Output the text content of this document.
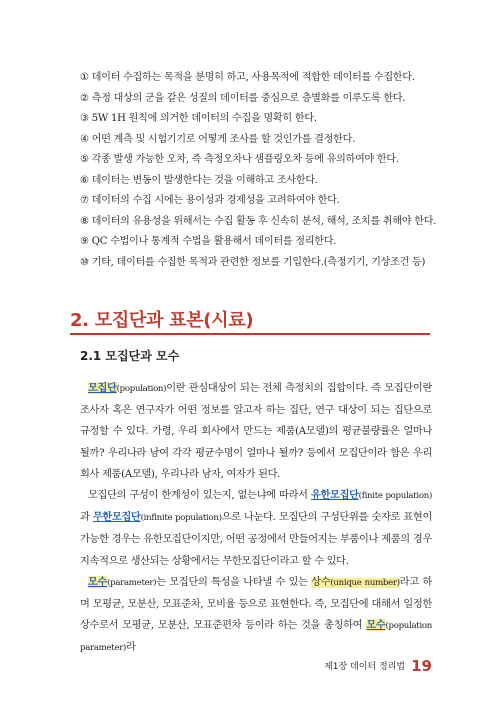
① 데이터 수집하는 목적을 분명히 하고, 사용목적에 적합한 데이터를 수집한다.
② 측정 대상의 군을 같은 성질의 데이터를 중심으로 층별화를 이루도록 한다.
③ 5W 1H 원칙에 의거한 데이터의 수집을 명확히 한다.
④ 어떤 계측 및 시험기기로 어떻게 조사를 할 것인가를 결정한다.
⑤ 각종 발생 가능한 오차, 즉 측정오차나 샘플링오차 등에 유의하여야 한다.
⑥ 데이터는 변동이 발생한다는 것을 이해하고 조사한다.
⑦ 데이터의 수집 시에는 용이성과 경제성을 고려하여야 한다.
⑧ 데이터의 유용성을 위해서는 수집 활동 후 신속히 분석, 해석, 조치를 취해야 한다.
⑨ QC 수법이나 통계적 수법을 활용해서 데이터를 정리한다.
⑩ 기타, 데이터를 수집한 목적과 관련한 정보를 기입한다.(측정기기, 기상조건 등)
2. 모집단과 표본(시료)
2.1 모집단과 모수

모집단(population)이란 관심대상이 되는 전체 측정치의 집합이다. 즉 모집단이란 조사자 혹은 연구자가 어떤 정보를 알고자 하는 집단, 연구 대상이 되는 집단으로 규정할 수 있다. 가령, 우리 회사에서 만드는 제품(A모델)의 평균불량률은 얼마나 될까? 우리나라 남여 각각 평균수명이 얼마나 될까? 등에서 모집단이라 함은 우리회사 제품(A모델), 우리나라 남자, 여자가 된다.

모집단의 구성이 한계성이 있는지, 없는냐에 따라서 유한모집단(finite population)과 무한모집단(infinite population)으로 나눈다. 모집단의 구성단위를 숫자로 표현이 가능한 경우는 유한모집단이지만, 어떤 공정에서 만들어지는 부품이나 제품의 경우 지속적으로 생산되는 상황에서는 무한모집단이라고 할 수 있다.

모수(parameter)는 모집단의 특성을 나타낼 수 있는 상수(unique number)라고 하며 모평균, 모분산, 모표준차, 모비율 등으로 표현한다. 즉, 모집단에 대해서 일정한 상수로서 모평균, 모분산, 모표준편차 등이라 하는 것을 총칭하여 모수(population parameter)라

제1장 데이터 정리법 19
